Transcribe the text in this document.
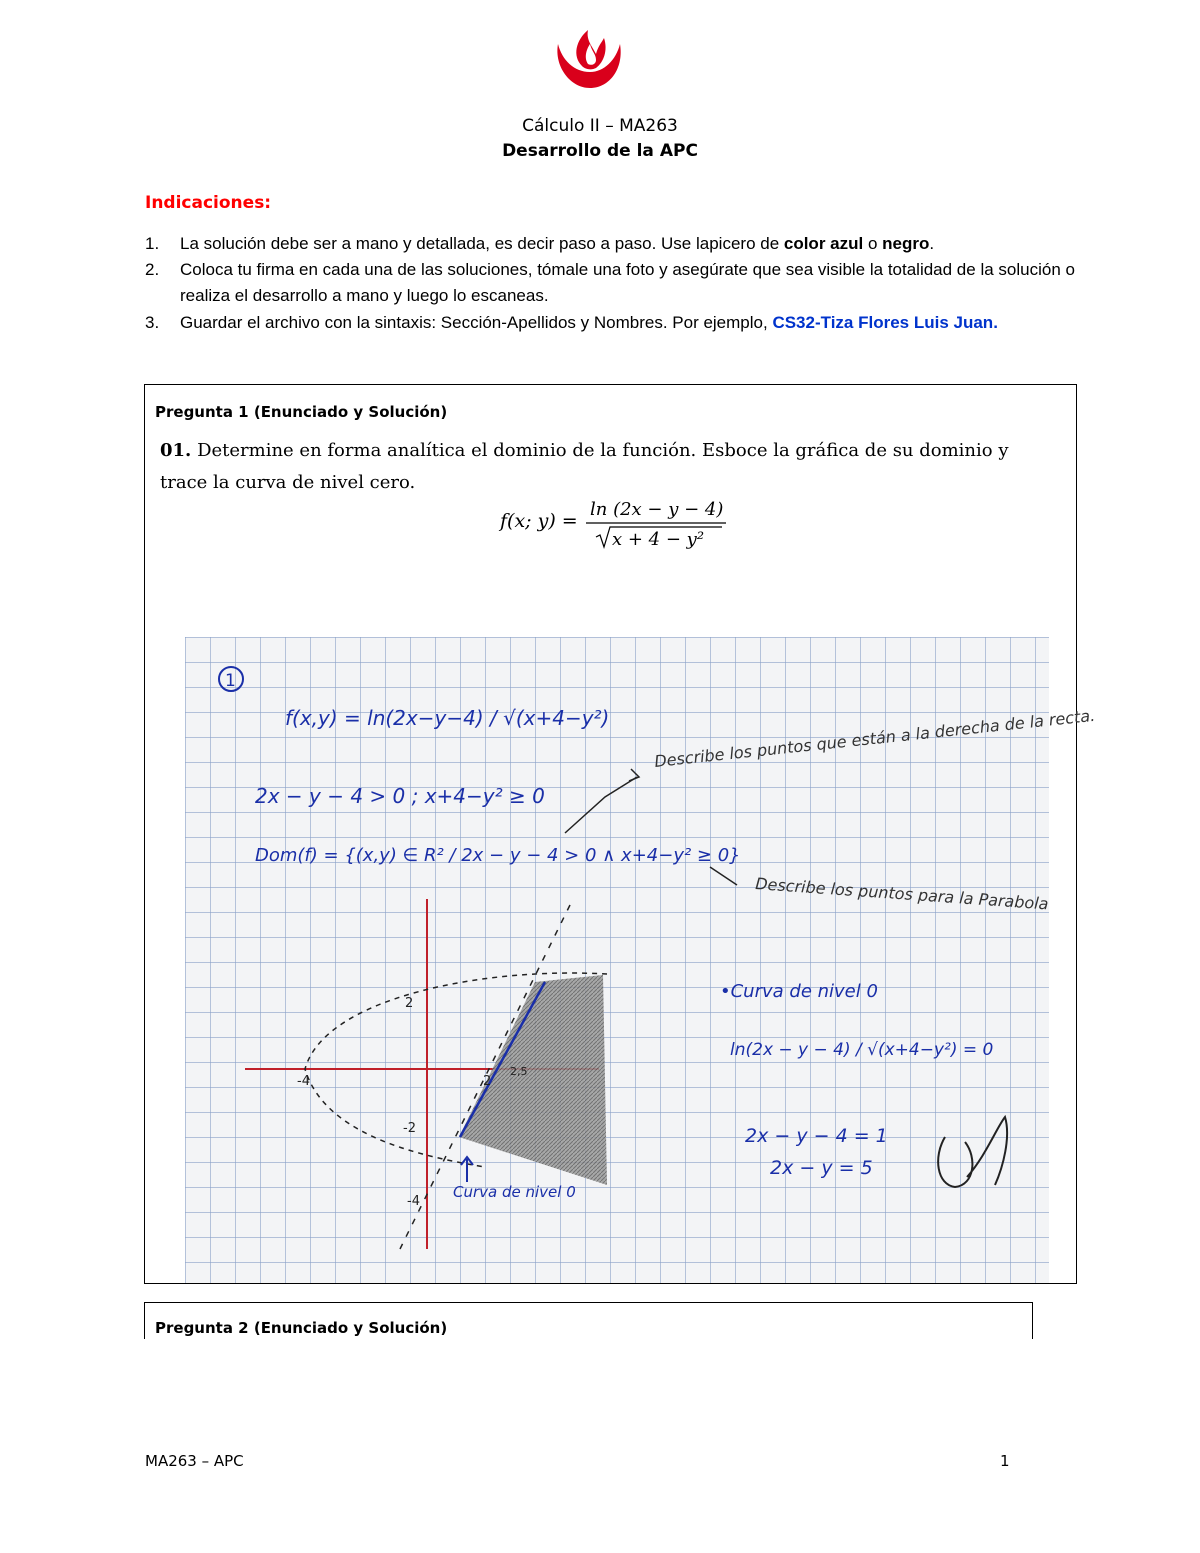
Cálculo II – MA263
Desarrollo de la APC
Indicaciones:
1. La solución debe ser a mano y detallada, es decir paso a paso. Use lapicero de color azul o negro.
2. Coloca tu firma en cada una de las soluciones, tómale una foto y asegúrate que sea visible la totalidad de la solución o realiza el desarrollo a mano y luego lo escaneas.
3. Guardar el archivo con la sintaxis: Sección-Apellidos y Nombres. Por ejemplo, CS32-Tiza Flores Luis Juan.
Pregunta 1 (Enunciado y Solución)
01. Determine en forma analítica el dominio de la función. Esboce la gráfica de su dominio y trace la curva de nivel cero.
f(x; y) =
ln (2x − y − 4)
x + 4 − y²
1
f(x,y) = ln(2x−y−4) / √(x+4−y²)
2x − y − 4 > 0 ; x+4−y² ≥ 0
Dom(f) = {(x,y) ∈ R² / 2x − y − 4 > 0 ∧ x+4−y² ≥ 0}
Describe los puntos que están a la derecha de la recta.
Describe los puntos para la Parabola
•Curva de nivel 0
ln(2x − y − 4) / √(x+4−y²) = 0
2x − y − 4 = 1
2x − y = 5
Curva de nivel 0
2
-2
-4
-4	2
2,5
Pregunta 2 (Enunciado y Solución)
MA263 – APC	1
